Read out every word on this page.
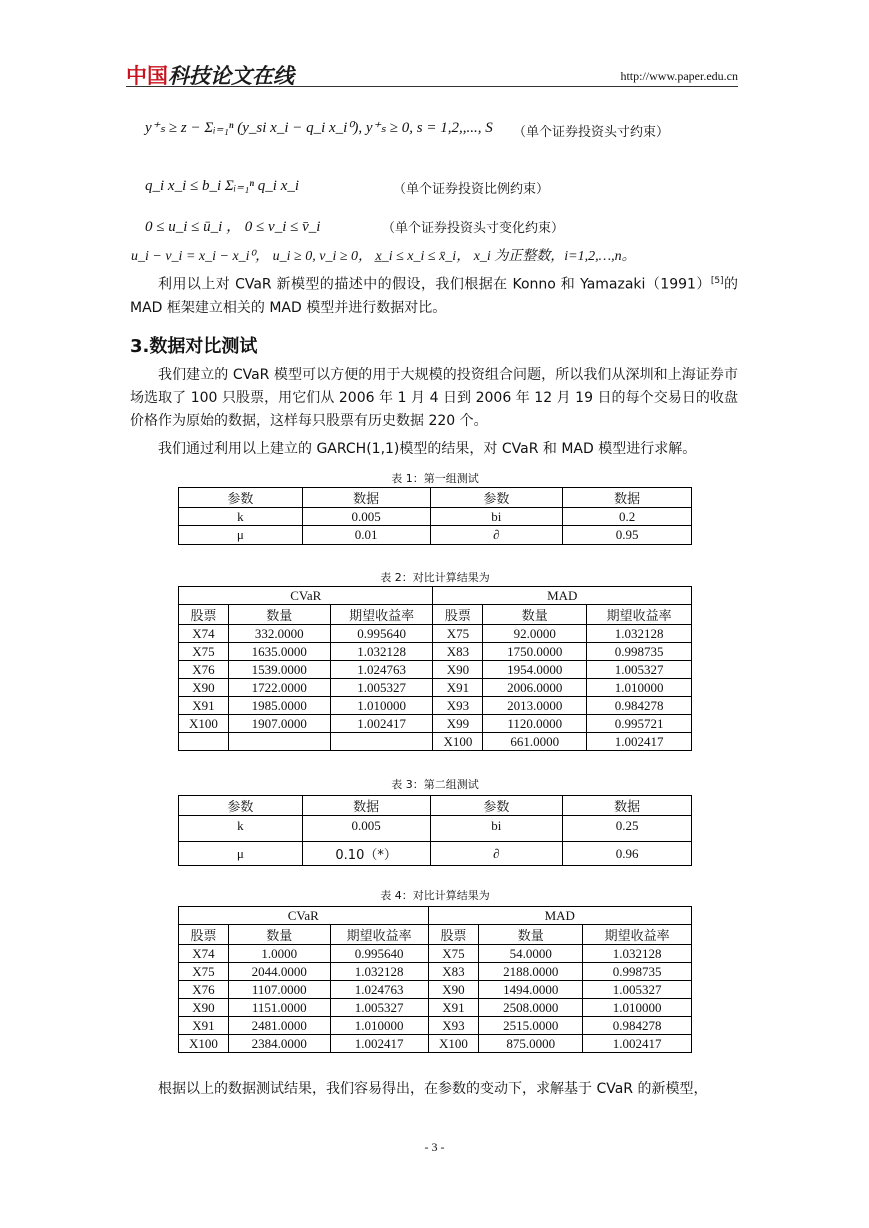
中国科技论文在线	http://www.paper.edu.cn
y⁺ₛ ≥ z − Σᵢ₌₁ⁿ (y_si x_i − q_i x_i⁰), y⁺ₛ ≥ 0, s = 1,2,,..., S （单个证券投资头寸约束）
q_i x_i ≤ b_i Σᵢ₌₁ⁿ q_i x_i	（单个证券投资比例约束）
0 ≤ u_i ≤ ū_i ， 0 ≤ v_i ≤ v̄_i	（单个证券投资头寸变化约束）
u_i − v_i = x_i − x_i⁰， u_i ≥ 0, v_i ≥ 0， x̲_i ≤ x_i ≤ x̄_i， x_i 为正整数，i=1,2,…,n。
利用以上对 CVaR 新模型的描述中的假设，我们根据在 Konno 和 Yamazaki（1991）[5]的 MAD 框架建立相关的 MAD 模型并进行数据对比。
3.数据对比测试
我们建立的 CVaR 模型可以方便的用于大规模的投资组合问题，所以我们从深圳和上海证券市场选取了 100 只股票，用它们从 2006 年 1 月 4 日到 2006 年 12 月 19 日的每个交易日的收盘价格作为原始的数据，这样每只股票有历史数据 220 个。
我们通过利用以上建立的 GARCH(1,1)模型的结果，对 CVaR 和 MAD 模型进行求解。
表 1：第一组测试
参数	数据	参数	数据
k	0.005	bi	0.2
μ	0.01	∂	0.95
表 2：对比计算结果为
CVaR			MAD		
股票	数量	期望收益率	股票	数量	期望收益率
X74	332.0000	0.995640	X75	92.0000	1.032128
X75	1635.0000	1.032128	X83	1750.0000	0.998735
X76	1539.0000	1.024763	X90	1954.0000	1.005327
X90	1722.0000	1.005327	X91	2006.0000	1.010000
X91	1985.0000	1.010000	X93	2013.0000	0.984278
X100	1907.0000	1.002417	X99	1120.0000	0.995721
			X100	661.0000	1.002417
表 3：第二组测试
参数	数据	参数	数据
k	0.005	bi	0.25
μ	0.10（*）	∂	0.96
表 4：对比计算结果为
CVaR			MAD		
股票	数量	期望收益率	股票	数量	期望收益率
X74	1.0000	0.995640	X75	54.0000	1.032128
X75	2044.0000	1.032128	X83	2188.0000	0.998735
X76	1107.0000	1.024763	X90	1494.0000	1.005327
X90	1151.0000	1.005327	X91	2508.0000	1.010000
X91	2481.0000	1.010000	X93	2515.0000	0.984278
X100	2384.0000	1.002417	X100	875.0000	1.002417
根据以上的数据测试结果，我们容易得出，在参数的变动下，求解基于 CVaR 的新模型，
- 3 -
